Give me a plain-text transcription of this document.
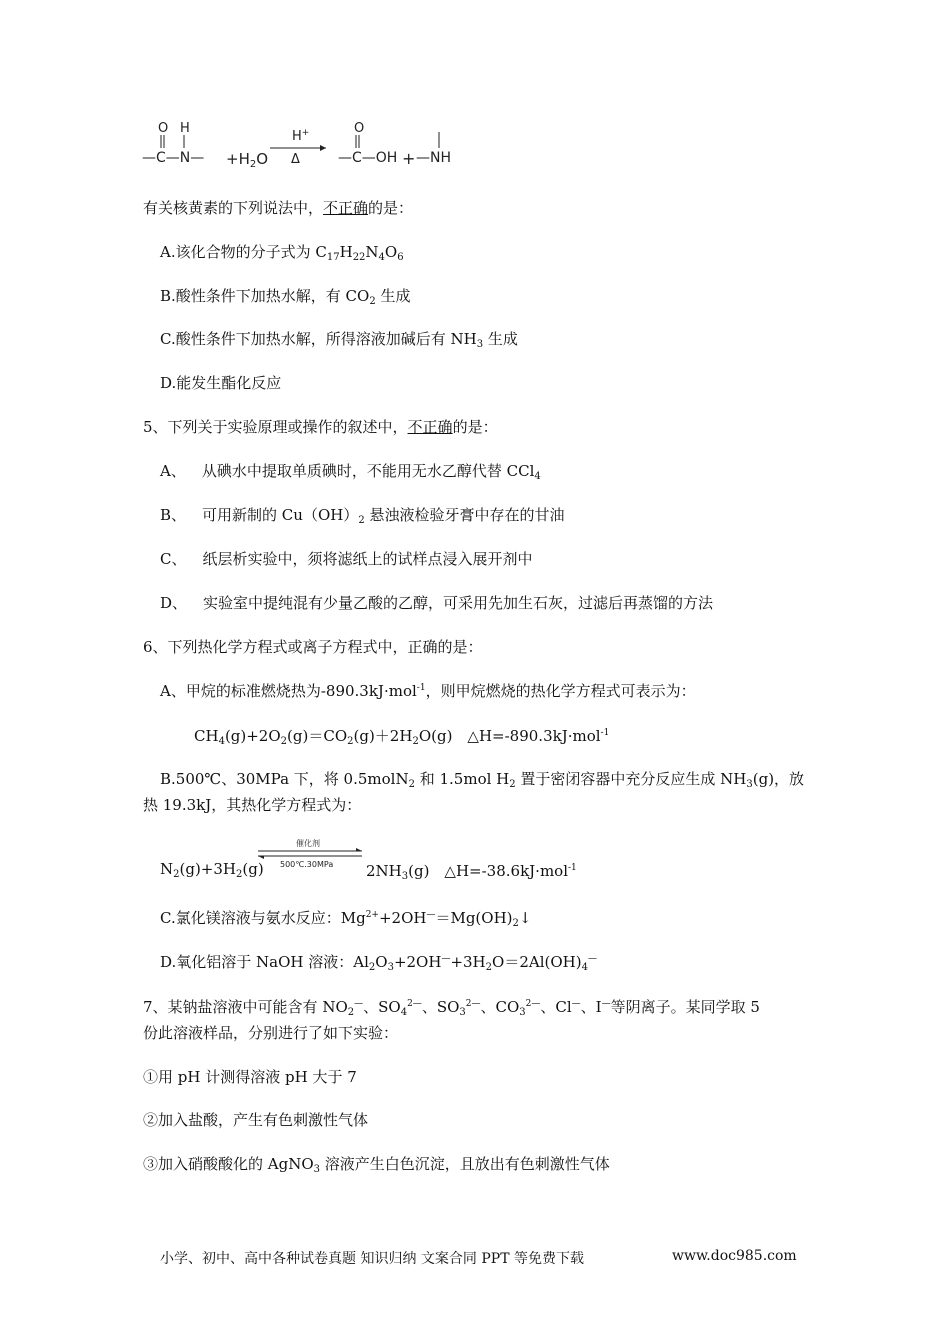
O H
—C—N— $+H_2O$
H+
Δ
O
—C—OH + —NH
有关核黄素的下列说法中，不正确的是：
A.该化合物的分子式为 $C_{17}H_{22}N_4O_6$
B.酸性条件下加热水解，有 $CO_2$ 生成
C.酸性条件下加热水解，所得溶液加碱后有 $NH_3$ 生成
D.能发生酯化反应
5、下列关于实验原理或操作的叙述中，不正确的是：
A、 从碘水中提取单质碘时，不能用无水乙醇代替 CCl$_4$
B、 可用新制的 $Cu(OH)_2$ 悬浊液检验牙膏中存在的甘油
C、 纸层析实验中，须将滤纸上的试样点浸入展开剂中
D、 实验室中提纯混有少量乙酸的乙醇，可采用先加生石灰，过滤后再蒸馏的方法
6、下列热化学方程式或离子方程式中，正确的是：
A、甲烷的标准燃烧热为-890.3kJ·mol$^{-1}$，则甲烷燃烧的热化学方程式可表示为：
$CH_4(g)+2O_2(g)=CO_2(g)+2H_2O(g)$　△H=-890.3kJ·mol$^{-1}$
B.500℃、30MPa 下，将 0.5molN$_2$ 和 1.5mol $H_2$ 置于密闭容器中充分反应生成 $NH_3(g)$，放
热 19.3kJ，其热化学方程式为：
$N_2(g)+3H_2(g)$
催化剂
500℃.30MPa $2NH_3(g)$　△H=-38.6kJ·mol$^{-1}$
C.氯化镁溶液与氨水反应：$Mg^{2+}+2OH^—=Mg(OH)_2↓$
D.氧化铝溶于 NaOH 溶液：$Al_2O_3+2OH^—+3H_2O=2Al(OH)_4^—$
7、某钠盐溶液中可能含有 $NO_2^—$、$SO_4^{2—}$、$SO_3^{2—}$、$CO_3^{2—}$、Cl—、I—等阴离子。某同学取 5
份此溶液样品，分别进行了如下实验：
①用 pH 计测得溶液 pH 大于 7
②加入盐酸，产生有色刺激性气体
③加入硝酸酸化的 AgNO$_3$ 溶液产生白色沉淀，且放出有色刺激性气体
小学、初中、高中各种试卷真题 知识归纳 文案合同 PPT 等免费下载	www.doc985.com
